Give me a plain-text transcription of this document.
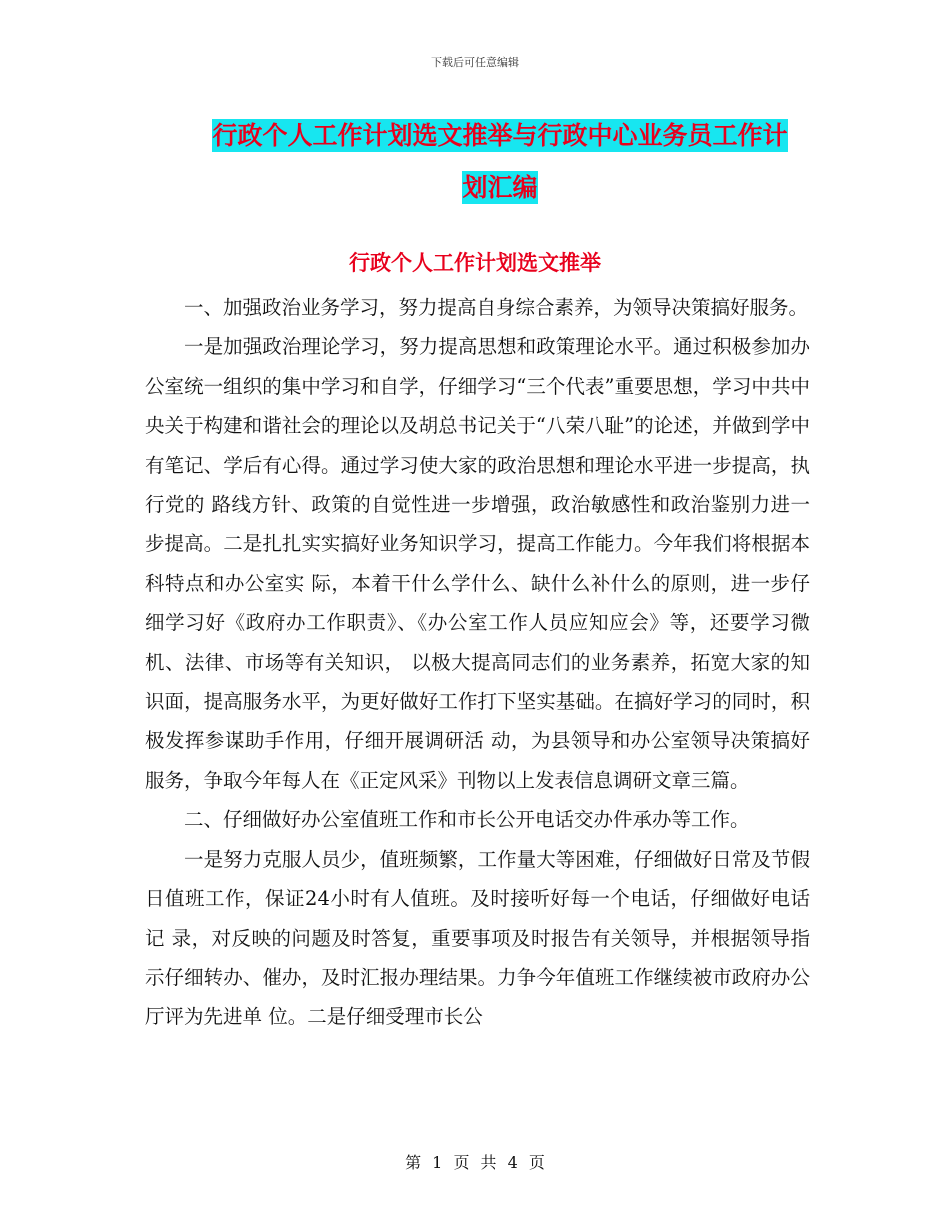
下载后可任意编辑
行政个人工作计划选文推举与行政中心业务员工作计
划汇编
行政个人工作计划选文推举

一、加强政治业务学习，努力提高自身综合素养，为领导决策搞好服务。

一是加强政治理论学习，努力提高思想和政策理论水平。通过积极参加办公室统一组织的集中学习和自学，仔细学习“三个代表”重要思想，学习中共中 央关于构建和谐社会的理论以及胡总书记关于“八荣八耻”的论述，并做到学中有笔记、学后有心得。通过学习使大家的政治思想和理论水平进一步提高，执行党的 路线方针、政策的自觉性进一步增强，政治敏感性和政治鉴别力进一步提高。二是扎扎实实搞好业务知识学习，提高工作能力。今年我们将根据本科特点和办公室实 际，本着干什么学什么、缺什么补什么的原则，进一步仔细学习好《政府办工作职责》、《办公室工作人员应知应会》等，还要学习微机、法律、市场等有关知识， 以极大提高同志们的业务素养，拓宽大家的知识面，提高服务水平，为更好做好工作打下坚实基础。在搞好学习的同时，积极发挥参谋助手作用，仔细开展调研活 动，为县领导和办公室领导决策搞好服务，争取今年每人在《正定风采》刊物以上发表信息调研文章三篇。

二、仔细做好办公室值班工作和市长公开电话交办件承办等工作。

一是努力克服人员少，值班频繁，工作量大等困难，仔细做好日常及节假日值班工作，保证24小时有人值班。及时接听好每一个电话，仔细做好电话记 录，对反映的问题及时答复，重要事项及时报告有关领导，并根据领导指示仔细转办、催办，及时汇报办理结果。力争今年值班工作继续被市政府办公厅评为先进单 位。二是仔细受理市长公

第 1 页 共 4 页
